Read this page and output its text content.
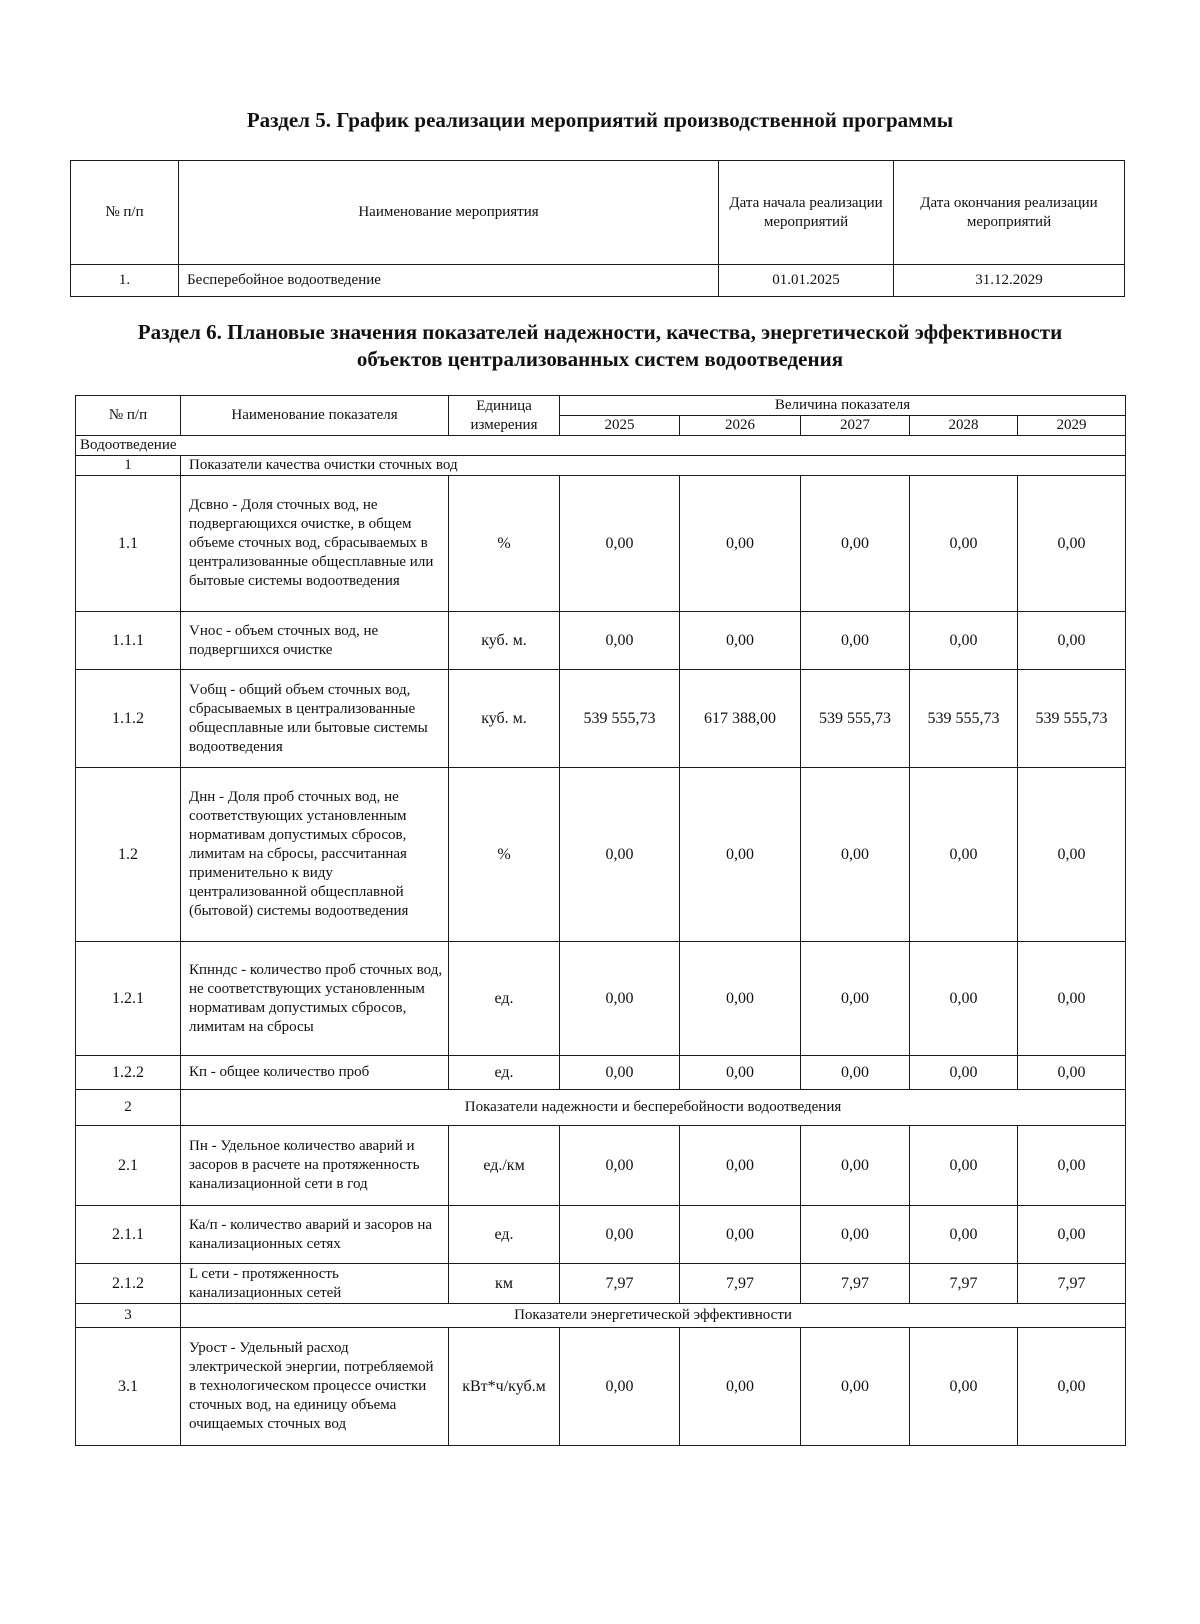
Раздел 5. График реализации мероприятий производственной программы
№ п/п	Наименование мероприятия	Дата начала реализации мероприятий	Дата окончания реализации мероприятий
1.	Бесперебойное водоотведение	01.01.2025	31.12.2029
Раздел 6. Плановые значения показателей надежности, качества, энергетической эффективности
объектов централизованных систем водоотведения
№ п/п	Наименование показателя	Единица измерения	Величина показателя				
			2025	2026	2027	2028	2029
Водоотведение							
1	Показатели качества очистки сточных вод						
1.1	Дсвно - Доля сточных вод, не подвергающихся очистке, в общем объеме сточных вод, сбрасываемых в централизованные общесплавные или бытовые системы водоотведения	%	0,00	0,00	0,00	0,00	0,00
1.1.1	Vнос - объем сточных вод, не подвергшихся очистке	куб. м.	0,00	0,00	0,00	0,00	0,00
1.1.2	Vобщ - общий объем сточных вод, сбрасываемых в централизованные общесплавные или бытовые системы водоотведения	куб. м.	539 555,73	617 388,00	539 555,73	539 555,73	539 555,73
1.2	Днн - Доля проб сточных вод, не соответствующих установленным нормативам допустимых сбросов, лимитам на сбросы, рассчитанная применительно к виду централизованной общесплавной (бытовой) системы водоотведения	%	0,00	0,00	0,00	0,00	0,00
1.2.1	Кпнндс - количество проб сточных вод, не соответствующих установленным нормативам допустимых сбросов, лимитам на сбросы	ед.	0,00	0,00	0,00	0,00	0,00
1.2.2	Кп - общее количество проб	ед.	0,00	0,00	0,00	0,00	0,00
2	Показатели надежности и бесперебойности водоотведения						
2.1	Пн - Удельное количество аварий и засоров в расчете на протяженность канализационной сети в год	ед./км	0,00	0,00	0,00	0,00	0,00
2.1.1	Ка/п - количество аварий и засоров на канализационных сетях	ед.	0,00	0,00	0,00	0,00	0,00
2.1.2	L сети - протяженность канализационных сетей	км	7,97	7,97	7,97	7,97	7,97
3	Показатели энергетической эффективности						
3.1	Урост - Удельный расход электрической энергии, потребляемой в технологическом процессе очистки сточных вод, на единицу объема очищаемых сточных вод	кВт*ч/куб.м	0,00	0,00	0,00	0,00	0,00
